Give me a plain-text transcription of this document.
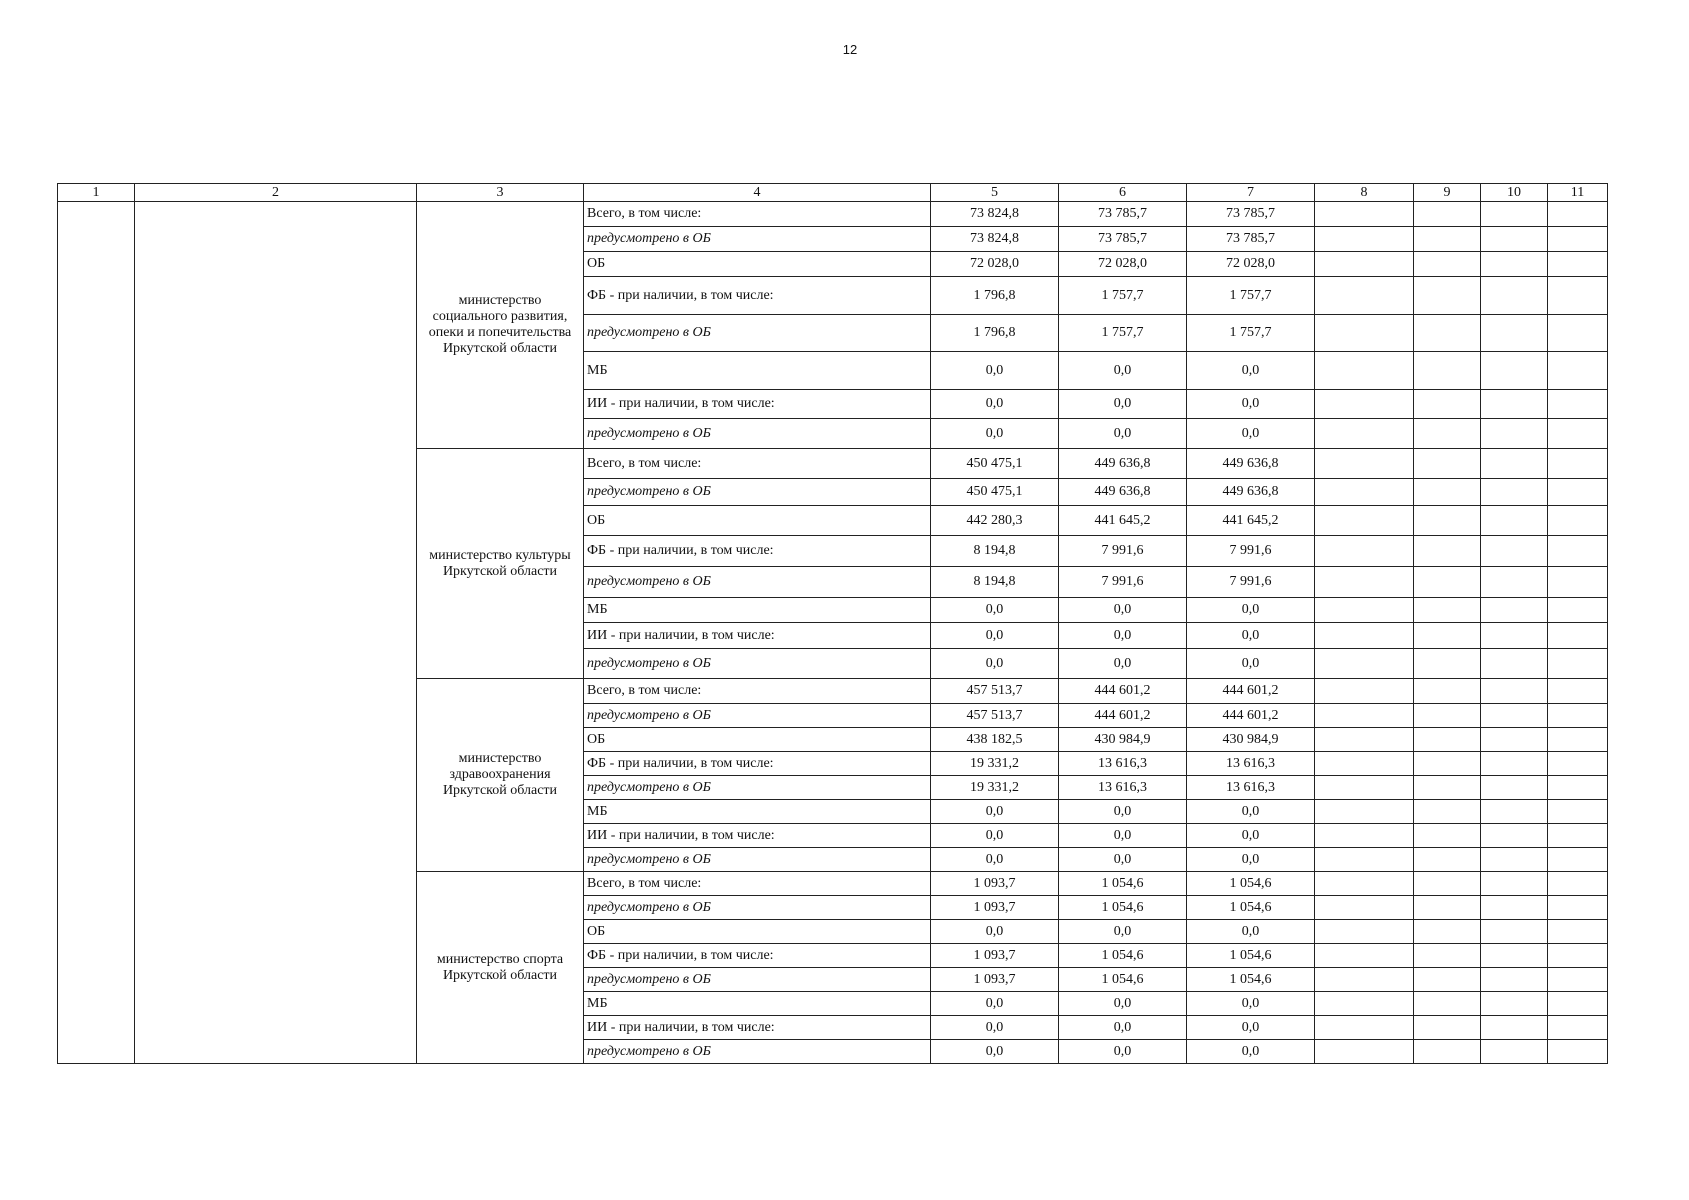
12
1	2	3	4	5	6	7	8	9	10	11
		министерство социального развития, опеки и попечительства Иркутской области	Всего, в том числе:	73 824,8	73 785,7	73 785,7				
			предусмотрено в ОБ	73 824,8	73 785,7	73 785,7				
			ОБ	72 028,0	72 028,0	72 028,0				
			ФБ - при наличии, в том числе:	1 796,8	1 757,7	1 757,7				
			предусмотрено в ОБ	1 796,8	1 757,7	1 757,7				
			МБ	0,0	0,0	0,0				
			ИИ - при наличии, в том числе:	0,0	0,0	0,0				
			предусмотрено в ОБ	0,0	0,0	0,0				
		министерство культуры Иркутской области	Всего, в том числе:	450 475,1	449 636,8	449 636,8				
			предусмотрено в ОБ	450 475,1	449 636,8	449 636,8				
			ОБ	442 280,3	441 645,2	441 645,2				
			ФБ - при наличии, в том числе:	8 194,8	7 991,6	7 991,6				
			предусмотрено в ОБ	8 194,8	7 991,6	7 991,6				
			МБ	0,0	0,0	0,0				
			ИИ - при наличии, в том числе:	0,0	0,0	0,0				
			предусмотрено в ОБ	0,0	0,0	0,0				
		министерство здравоохранения Иркутской области	Всего, в том числе:	457 513,7	444 601,2	444 601,2				
			предусмотрено в ОБ	457 513,7	444 601,2	444 601,2				
			ОБ	438 182,5	430 984,9	430 984,9				
			ФБ - при наличии, в том числе:	19 331,2	13 616,3	13 616,3				
			предусмотрено в ОБ	19 331,2	13 616,3	13 616,3				
			МБ	0,0	0,0	0,0				
			ИИ - при наличии, в том числе:	0,0	0,0	0,0				
			предусмотрено в ОБ	0,0	0,0	0,0				
		министерство спорта Иркутской области	Всего, в том числе:	1 093,7	1 054,6	1 054,6				
			предусмотрено в ОБ	1 093,7	1 054,6	1 054,6				
			ОБ	0,0	0,0	0,0				
			ФБ - при наличии, в том числе:	1 093,7	1 054,6	1 054,6				
			предусмотрено в ОБ	1 093,7	1 054,6	1 054,6				
			МБ	0,0	0,0	0,0				
			ИИ - при наличии, в том числе:	0,0	0,0	0,0				
			предусмотрено в ОБ	0,0	0,0	0,0				
